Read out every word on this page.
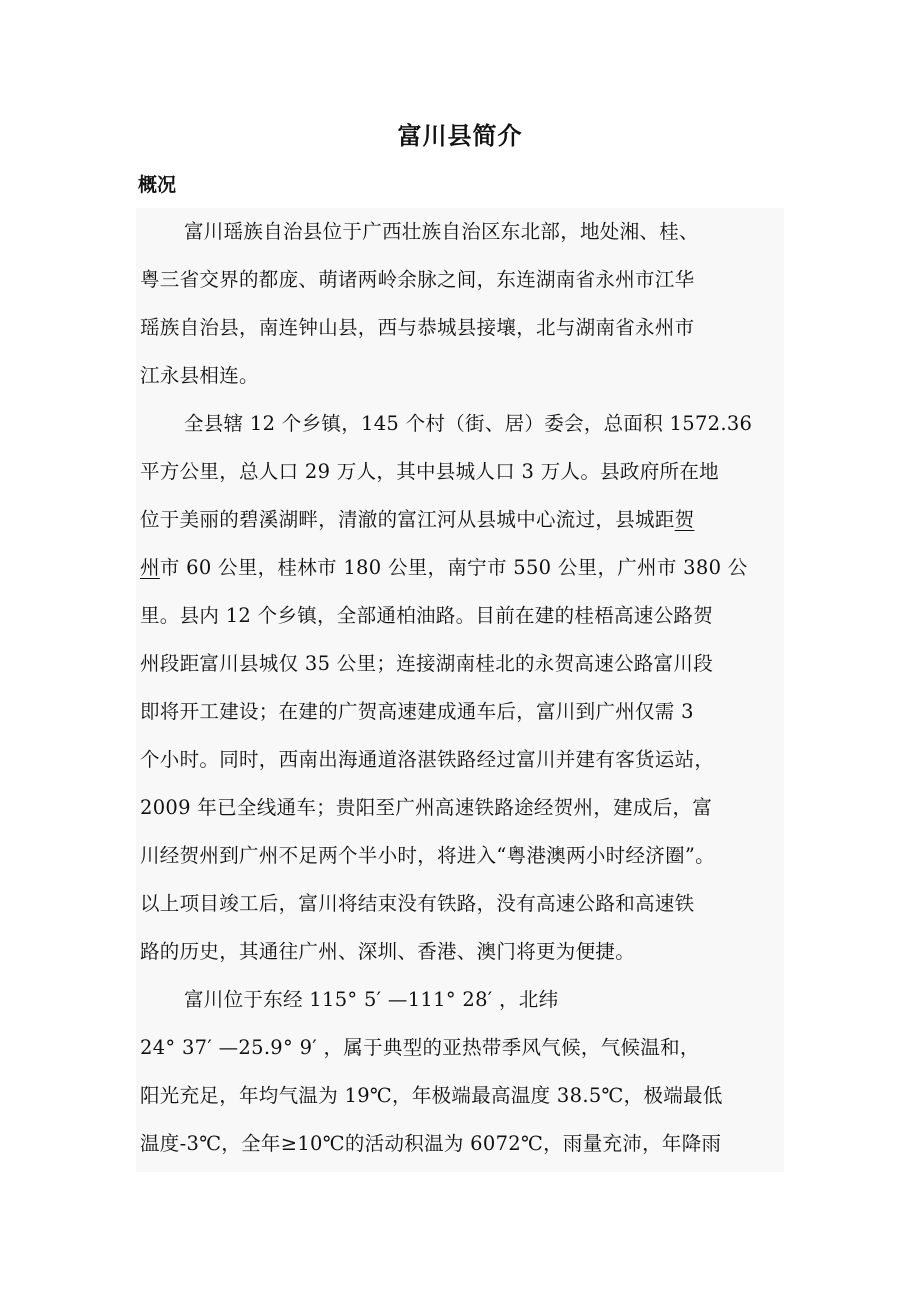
富川县简介
概况
富川瑶族自治县位于广西壮族自治区东北部，地处湘、桂、
粤三省交界的都庞、萌诸两岭余脉之间，东连湖南省永州市江华
瑶族自治县，南连钟山县，西与恭城县接壤，北与湖南省永州市
江永县相连。
全县辖 12 个乡镇，145 个村（街、居）委会，总面积 1572.36
平方公里，总人口 29 万人，其中县城人口 3 万人。县政府所在地
位于美丽的碧溪湖畔，清澈的富江河从县城中心流过，县城距贺
州市 60 公里，桂林市 180 公里，南宁市 550 公里，广州市 380 公
里。县内 12 个乡镇，全部通柏油路。目前在建的桂梧高速公路贺
州段距富川县城仅 35 公里；连接湖南桂北的永贺高速公路富川段
即将开工建设；在建的广贺高速建成通车后，富川到广州仅需 3
个小时。同时，西南出海通道洛湛铁路经过富川并建有客货运站，
2009 年已全线通车；贵阳至广州高速铁路途经贺州，建成后，富
川经贺州到广州不足两个半小时，将进入“粤港澳两小时经济圈”。
以上项目竣工后，富川将结束没有铁路，没有高速公路和高速铁
路的历史，其通往广州、深圳、香港、澳门将更为便捷。
富川位于东经 115° 5′ —111° 28′ ，北纬
24° 37′ —25.9° 9′ ，属于典型的亚热带季风气候，气候温和，
阳光充足，年均气温为 19℃，年极端最高温度 38.5℃，极端最低
温度-3℃，全年≥10℃的活动积温为 6072℃，雨量充沛，年降雨
